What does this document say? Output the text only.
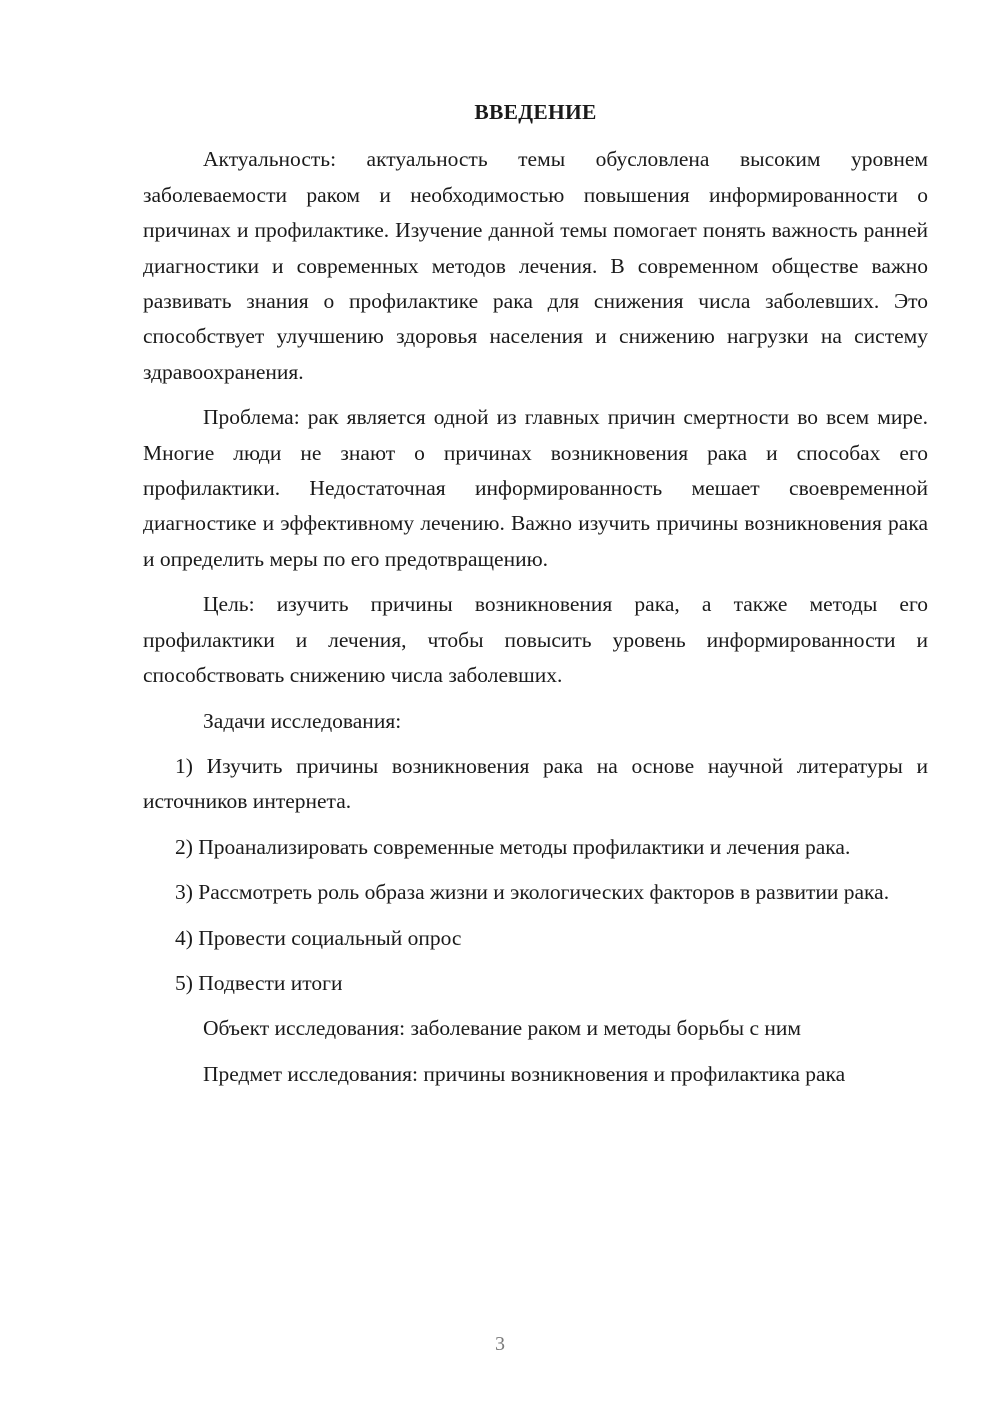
ВВЕДЕНИЕ

Актуальность: актуальность темы обусловлена высоким уровнем заболеваемости раком и необходимостью повышения информированности о причинах и профилактике. Изучение данной темы помогает понять важность ранней диагностики и современных методов лечения. В современном обществе важно развивать знания о профилактике рака для снижения числа заболевших. Это способствует улучшению здоровья населения и снижению нагрузки на систему здравоохранения.

Проблема: рак является одной из главных причин смертности во всем мире. Многие люди не знают о причинах возникновения рака и способах его профилактики. Недостаточная информированность мешает своевременной диагностике и эффективному лечению. Важно изучить причины возникновения рака и определить меры по его предотвращению.

Цель: изучить причины возникновения рака, а также методы его профилактики и лечения, чтобы повысить уровень информированности и способствовать снижению числа заболевших.

Задачи исследования:

1) Изучить причины возникновения рака на основе научной литературы и источников интернета.

2) Проанализировать современные методы профилактики и лечения рака.

3) Рассмотреть роль образа жизни и экологических факторов в развитии рака.

4) Провести социальный опрос

5) Подвести итоги

Объект исследования: заболевание раком и методы борьбы с ним

Предмет исследования: причины возникновения и профилактика рака

3
